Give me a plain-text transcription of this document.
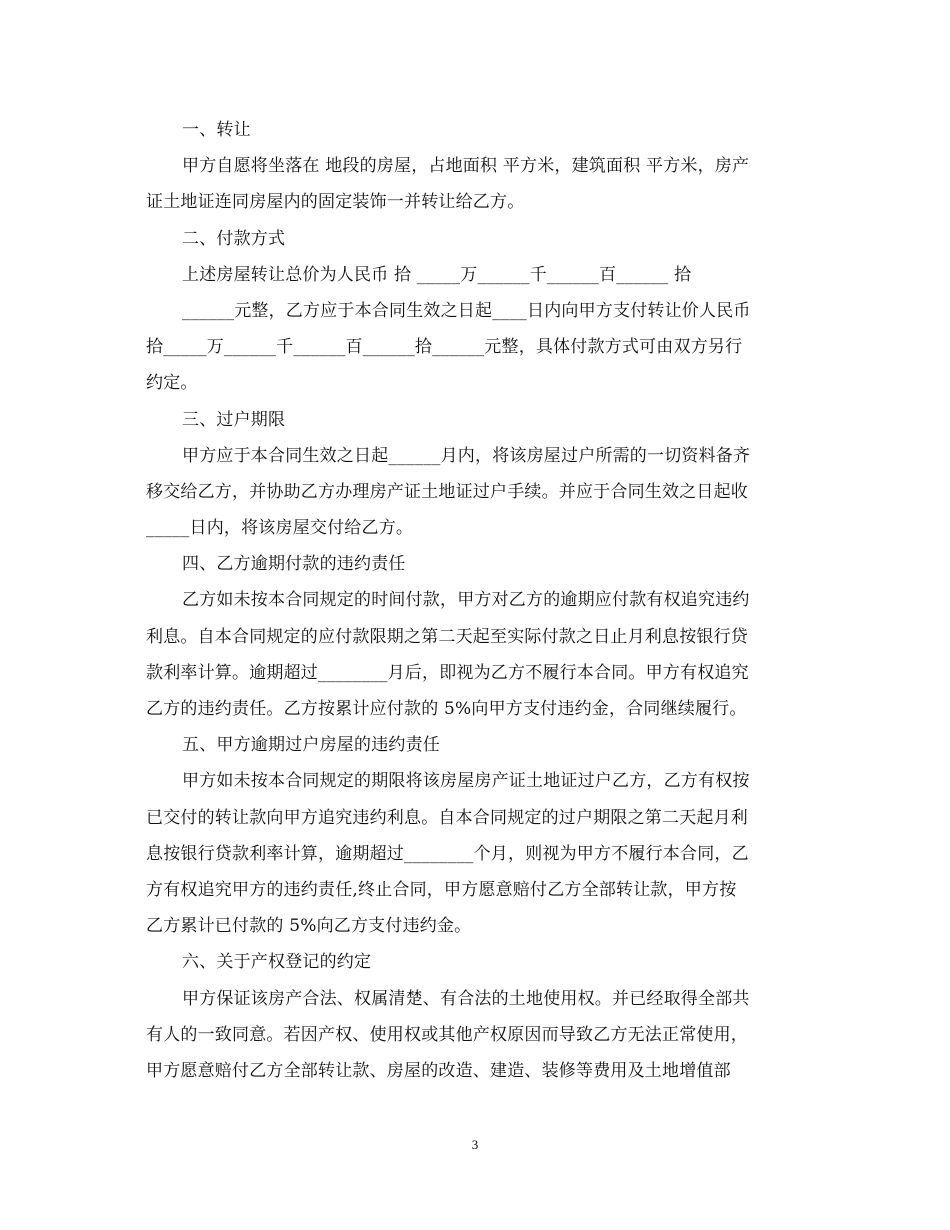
一、转让
甲方自愿将坐落在 地段的房屋，占地面积 平方米，建筑面积 平方米，房产
证土地证连同房屋内的固定装饰一并转让给乙方。
二、付款方式
上述房屋转让总价为人民币 拾 _____万______千______百______ 拾
______元整，乙方应于本合同生效之日起____日内向甲方支付转让价人民币
拾_____万______千______百______拾______元整，具体付款方式可由双方另行
约定。
三、过户期限
甲方应于本合同生效之日起______月内，将该房屋过户所需的一切资料备齐
移交给乙方，并协助乙方办理房产证土地证过户手续。并应于合同生效之日起收
_____日内，将该房屋交付给乙方。
四、乙方逾期付款的违约责任
乙方如未按本合同规定的时间付款，甲方对乙方的逾期应付款有权追究违约
利息。自本合同规定的应付款限期之第二天起至实际付款之日止月利息按银行贷
款利率计算。逾期超过________月后，即视为乙方不履行本合同。甲方有权追究
乙方的违约责任。乙方按累计应付款的 5%向甲方支付违约金，合同继续履行。
五、甲方逾期过户房屋的违约责任
甲方如未按本合同规定的期限将该房屋房产证土地证过户乙方，乙方有权按
已交付的转让款向甲方追究违约利息。自本合同规定的过户期限之第二天起月利
息按银行贷款利率计算，逾期超过________个月，则视为甲方不履行本合同，乙
方有权追究甲方的违约责任,终止合同，甲方愿意赔付乙方全部转让款，甲方按
乙方累计已付款的 5%向乙方支付违约金。
六、关于产权登记的约定
甲方保证该房产合法、权属清楚、有合法的土地使用权。并已经取得全部共
有人的一致同意。若因产权、使用权或其他产权原因而导致乙方无法正常使用，
甲方愿意赔付乙方全部转让款、房屋的改造、建造、装修等费用及土地增值部
3
